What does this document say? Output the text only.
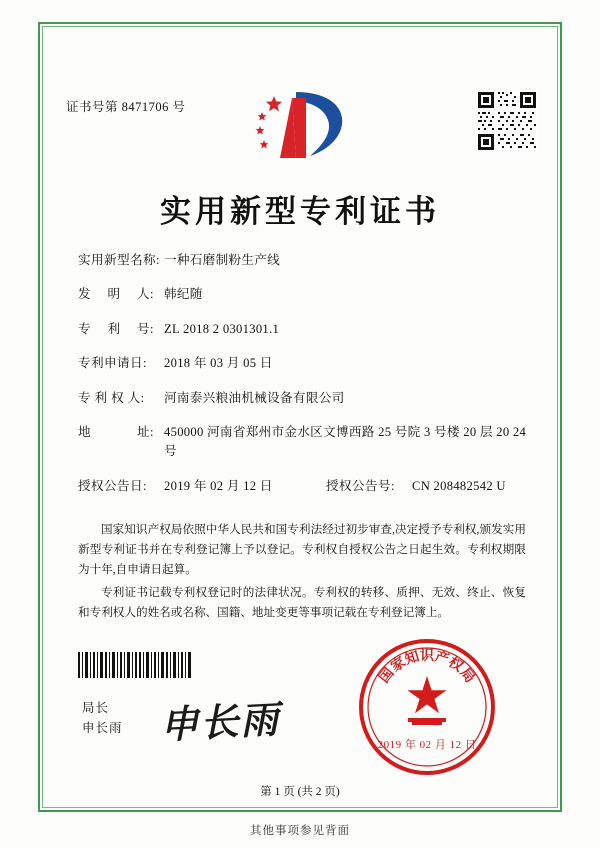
证书号第 8471706 号
实用新型专利证书
实用新型名称: 一种石磨制粉生产线
发 明 人 : 韩纪随
专 利 号 : ZL 2018 2 0301301.1
专利申请日:	2018 年 03 月 05 日
专 利 权 人:	河南泰兴粮油机械设备有限公司
地	址 : 450000 河南省郑州市金水区文博西路 25 号院 3 号楼 20 层 20 24 号
授权公告日:	2019 年 02 月 12 日	授权公告号:	CN 208482542 U

国家知识产权局依照中华人民共和国专利法经过初步审查,决定授予专利权,颁发实用新型专利证书并在专利登记簿上予以登记。专利权自授权公告之日起生效。专利权期限为十年,自申请日起算。

专利证书记载专利权登记时的法律状况。专利权的转移、质押、无效、终止、恢复和专利权人的姓名或名称、国籍、地址变更等事项记载在专利登记簿上。

局长
申长雨 申长雨
国
家
知
识
产
权
局
2019 年 02 月 12 日
第 1 页 (共 2 页)
其他事项参见背面
